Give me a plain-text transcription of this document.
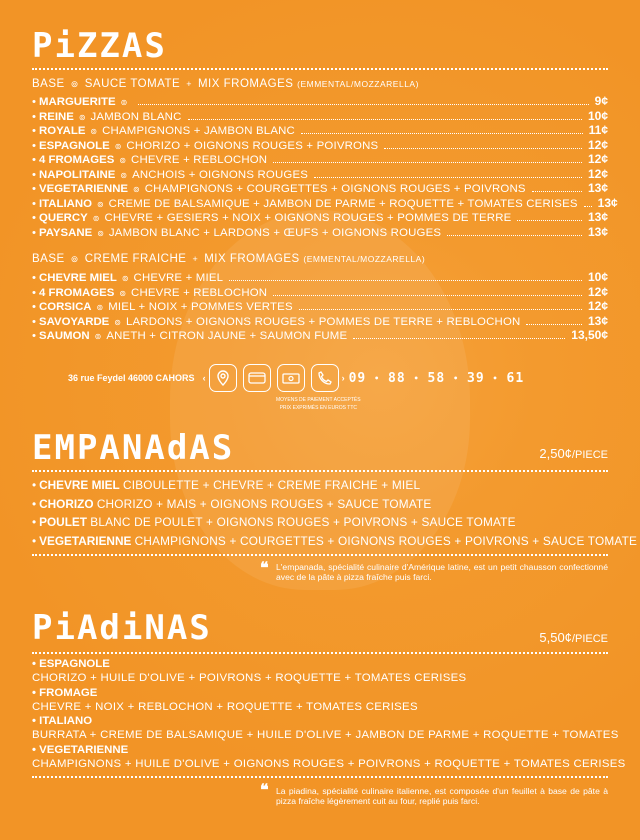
PiZZAS
BASE ⊚ SAUCE TOMATE + MIX FROMAGES (EMMENTAL/MOZZARELLA)
• MARGUERITE ⊚	9¢
• REINE ⊚ JAMBON BLANC	10¢
• ROYALE ⊚ CHAMPIGNONS + JAMBON BLANC	11¢
• ESPAGNOLE ⊚ CHORIZO + OIGNONS ROUGES + POIVRONS	12¢
• 4 FROMAGES ⊚ CHEVRE + REBLOCHON	12¢
• NAPOLITAINE ⊚ ANCHOIS + OIGNONS ROUGES	12¢
• VEGETARIENNE ⊚ CHAMPIGNONS + COURGETTES + OIGNONS ROUGES + POIVRONS	13¢
• ITALIANO ⊚ CREME DE BALSAMIQUE + JAMBON DE PARME + ROQUETTE + TOMATES CERISES 13¢
• QUERCY ⊚ CHEVRE + GESIERS + NOIX + OIGNONS ROUGES + POMMES DE TERRE	13¢
• PAYSANE ⊚ JAMBON BLANC + LARDONS + ŒUFS + OIGNONS ROUGES	13¢
BASE ⊚ CREME FRAICHE + MIX FROMAGES (EMMENTAL/MOZZARELLA)
• CHEVRE MIEL ⊚ CHEVRE + MIEL	10¢
• 4 FROMAGES ⊚ CHEVRE + REBLOCHON	12¢
• CORSICA ⊚ MIEL + NOIX + POMMES VERTES	12¢
• SAVOYARDE ⊚ LARDONS + OIGNONS ROUGES + POMMES DE TERRE + REBLOCHON	13¢
• SAUMON ⊚ ANETH + CITRON JAUNE + SAUMON FUME	13,50¢
36 rue Feydel 46000 CAHORS ‹	› 09 • 88 • 58 • 39 • 61
MOYENS DE PAIEMENT ACCEPTÉS
PRIX EXPRIMÉS EN EUROS TTC
EMPANAdAS	2,50¢/PIECE
• CHEVRE MIEL
CIBOULETTE + CHEVRE + CREME FRAICHE + MIEL
• CHORIZO
CHORIZO + MAIS + OIGNONS ROUGES + SAUCE TOMATE
• POULET
BLANC DE POULET + OIGNONS ROUGES + POIVRONS + SAUCE TOMATE
• VEGETARIENNE
CHAMPIGNONS + COURGETTES + OIGNONS ROUGES + POIVRONS + SAUCE TOMATE
❝ L'empanada, spécialité culinaire d'Amérique latine, est un petit chausson confectionné avec de la pâte à pizza fraîche puis farci.
PiAdiNAS	5,50¢/PIECE
• ESPAGNOLE
CHORIZO + HUILE D'OLIVE + POIVRONS + ROQUETTE + TOMATES CERISES
• FROMAGE
CHEVRE + NOIX + REBLOCHON + ROQUETTE + TOMATES CERISES
• ITALIANO
BURRATA + CREME DE BALSAMIQUE + HUILE D'OLIVE + JAMBON DE PARME + ROQUETTE + TOMATES
• VEGETARIENNE
CHAMPIGNONS + HUILE D'OLIVE + OIGNONS ROUGES + POIVRONS + ROQUETTE + TOMATES CERISES
❝ La piadina, spécialité culinaire italienne, est composée d'un feuillet à base de pâte à pizza fraîche légèrement cuit au four, replié puis farci.
